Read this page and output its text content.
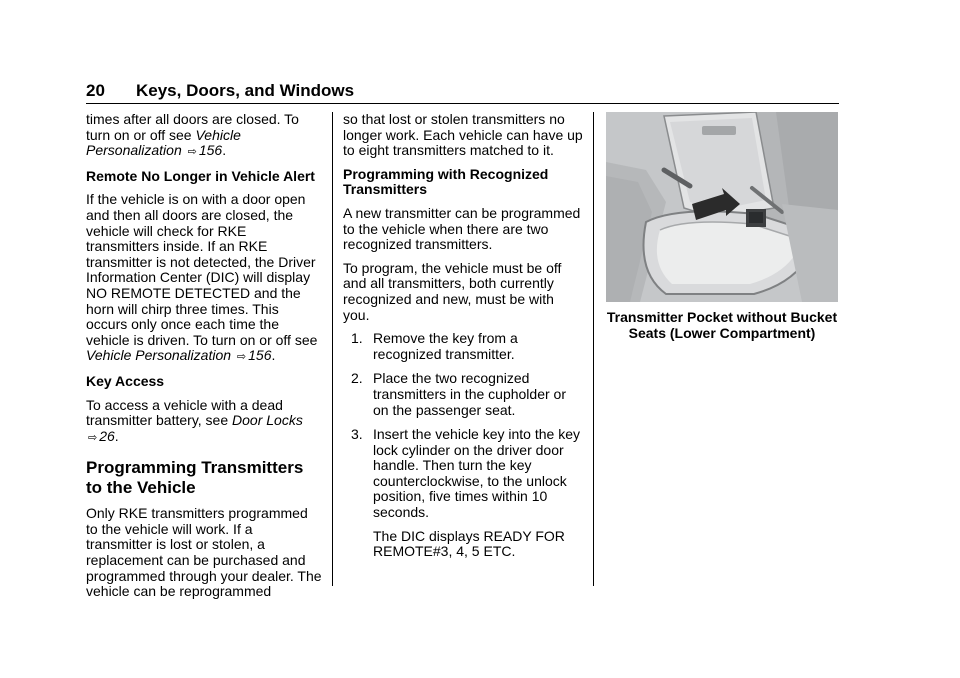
20 Keys, Doors, and Windows

times after all doors are closed. To turn on or off see Vehicle Personalization ⇨ 156.

Remote No Longer in Vehicle Alert

If the vehicle is on with a door open and then all doors are closed, the vehicle will check for RKE transmitters inside. If an RKE transmitter is not detected, the Driver Information Center (DIC) will display NO REMOTE DETECTED and the horn will chirp three times. This occurs only once each time the vehicle is driven. To turn on or off see Vehicle Personalization ⇨ 156.

Key Access

To access a vehicle with a dead transmitter battery, see Door Locks ⇨ 26.

Programming Transmitters to the Vehicle

Only RKE transmitters programmed to the vehicle will work. If a transmitter is lost or stolen, a replacement can be purchased and programmed through your dealer. The vehicle can be reprogrammed

so that lost or stolen transmitters no longer work. Each vehicle can have up to eight transmitters matched to it.

Programming with Recognized Transmitters

A new transmitter can be programmed to the vehicle when there are two recognized transmitters.

To program, the vehicle must be off and all transmitters, both currently recognized and new, must be with you.

1. Remove the key from a recognized transmitter.
2. Place the two recognized transmitters in the cupholder or on the passenger seat.
3. Insert the vehicle key into the key lock cylinder on the driver door handle. Then turn the key counterclockwise, to the unlock position, five times within 10 seconds.

The DIC displays READY FOR REMOTE#3, 4, 5 ETC.

Transmitter Pocket without Bucket Seats (Lower Compartment)
